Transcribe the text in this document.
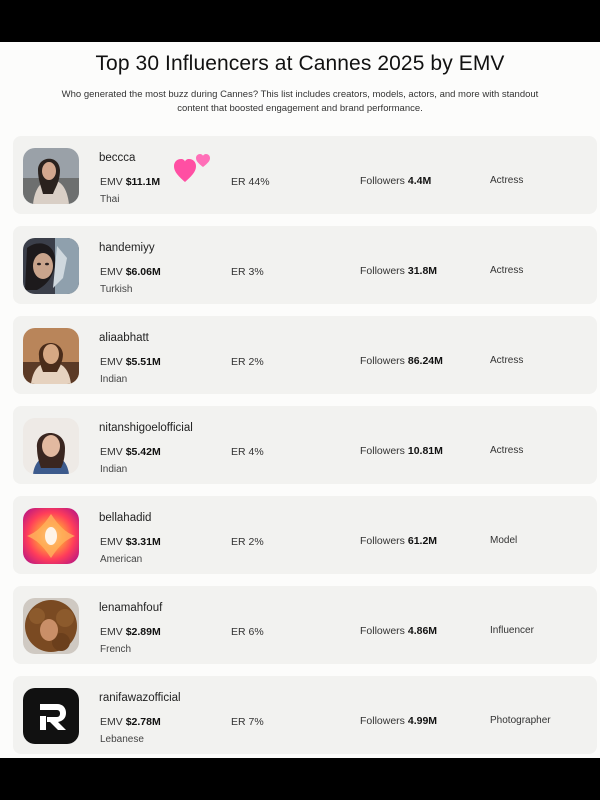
Top 30 Influencers at Cannes 2025 by EMV
Who generated the most buzz during Cannes? This list includes creators, models, actors, and more with standout
content that boosted engagement and brand performance.
beccca
EMV $11.1M
Thai
ER 44%	Followers 4.4M	Actress
handemiyy
EMV $6.06M
Turkish
ER 3%	Followers 31.8M	Actress
aliaabhatt
EMV $5.51M
Indian
ER 2%	Followers 86.24M	Actress
nitanshigoelofficial
EMV $5.42M
Indian
ER 4%	Followers 10.81M	Actress
bellahadid
EMV $3.31M
American
ER 2%	Followers 61.2M	Model
lenamahfouf
EMV $2.89M
French
ER 6%	Followers 4.86M	Influencer
ranifawazofficial
EMV $2.78M
Lebanese
ER 7%	Followers 4.99M	Photographer
